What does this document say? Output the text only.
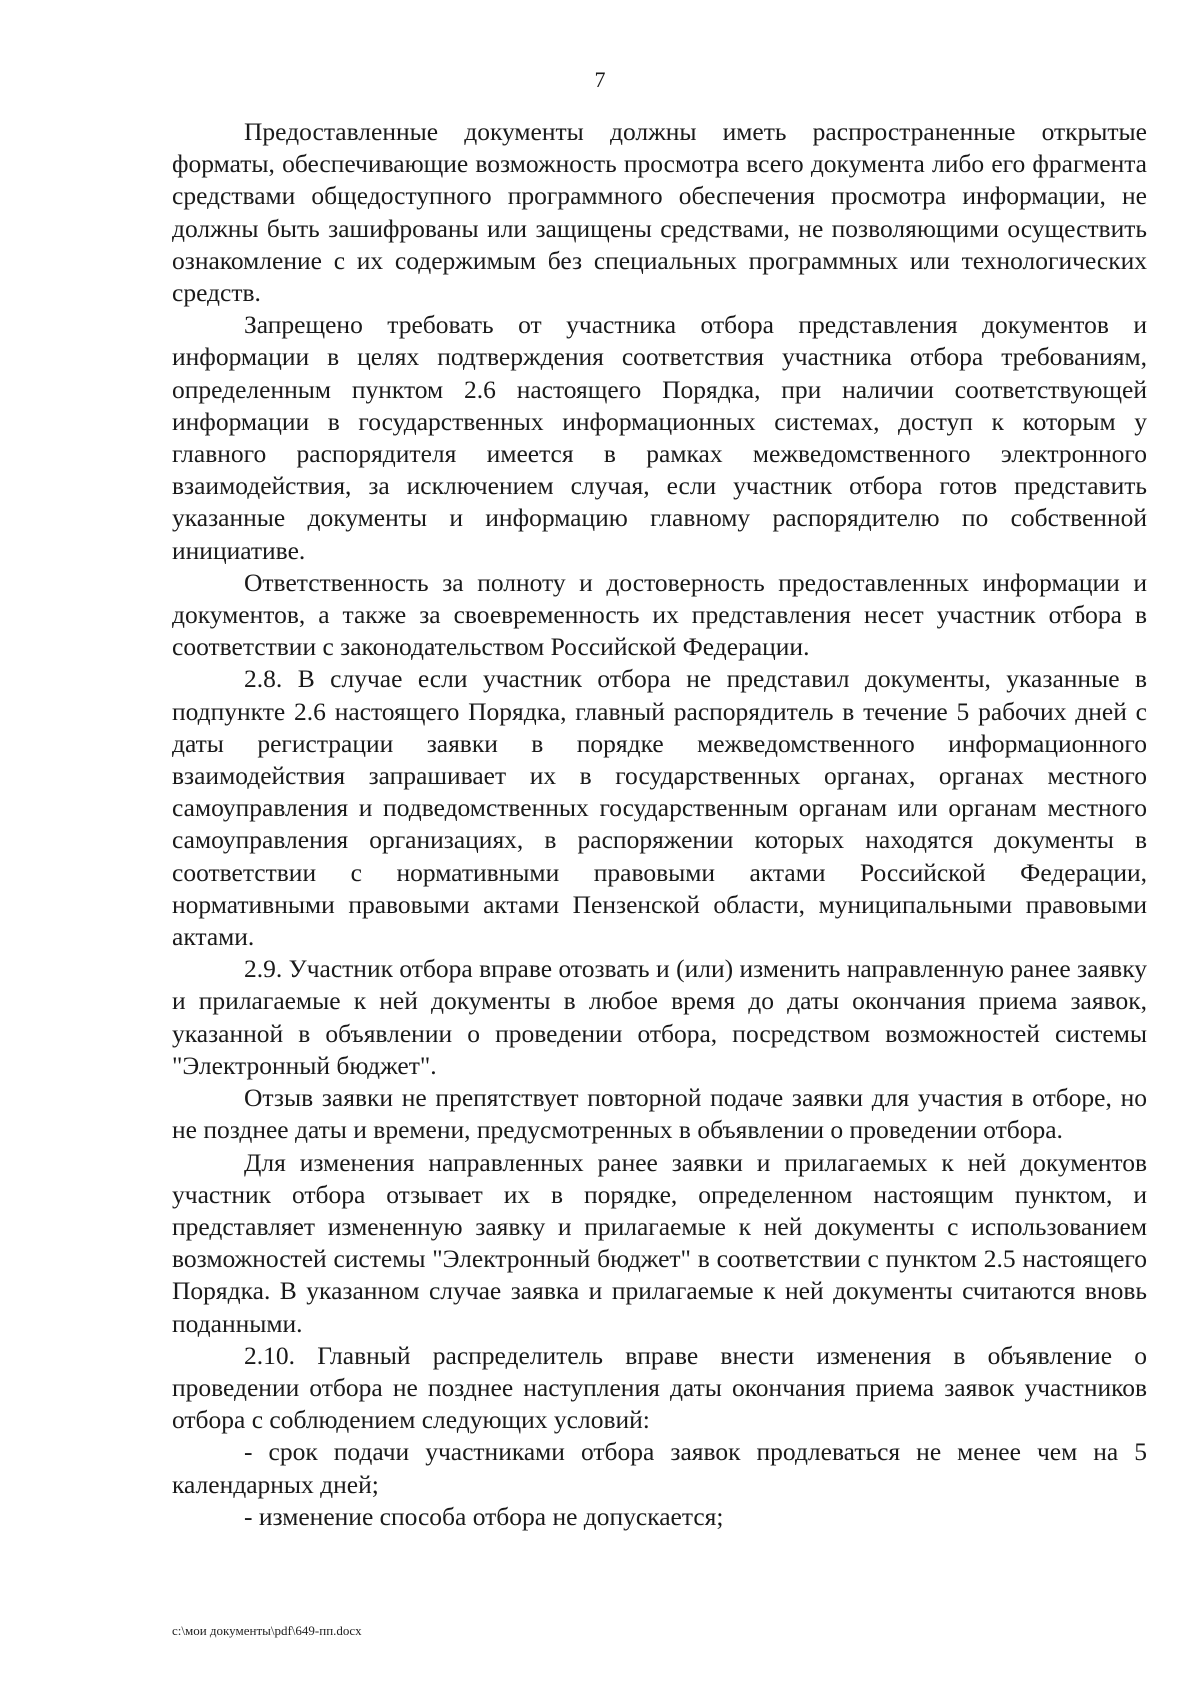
7

Предоставленные документы должны иметь распространенные открытые форматы, обеспечивающие возможность просмотра всего документа либо его фрагмента средствами общедоступного программного обеспечения просмотра информации, не должны быть зашифрованы или защищены средствами, не позволяющими осуществить ознакомление с их содержимым без специальных программных или технологических средств.

Запрещено требовать от участника отбора представления документов и информации в целях подтверждения соответствия участника отбора требованиям, определенным пунктом 2.6 настоящего Порядка, при наличии соответствующей информации в государственных информационных системах, доступ к которым у главного распорядителя имеется в рамках межведомственного электронного взаимодействия, за исключением случая, если участник отбора готов представить указанные документы и информацию главному распорядителю по собственной инициативе.

Ответственность за полноту и достоверность предоставленных информации и документов, а также за своевременность их представления несет участник отбора в соответствии с законодательством Российской Федерации.

2.8. В случае если участник отбора не представил документы, указанные в подпункте 2.6 настоящего Порядка, главный распорядитель в течение 5 рабочих дней с даты регистрации заявки в порядке межведомственного информационного взаимодействия запрашивает их в государственных органах, органах местного самоуправления и подведомственных государственным органам или органам местного самоуправления организациях, в распоряжении которых находятся документы в соответствии с нормативными правовыми актами Российской Федерации, нормативными правовыми актами Пензенской области, муниципальными правовыми актами.

2.9. Участник отбора вправе отозвать и (или) изменить направленную ранее заявку и прилагаемые к ней документы в любое время до даты окончания приема заявок, указанной в объявлении о проведении отбора, посредством возможностей системы "Электронный бюджет".

Отзыв заявки не препятствует повторной подаче заявки для участия в отборе, но не позднее даты и времени, предусмотренных в объявлении о проведении отбора.

Для изменения направленных ранее заявки и прилагаемых к ней документов участник отбора отзывает их в порядке, определенном настоящим пунктом, и представляет измененную заявку и прилагаемые к ней документы с использованием возможностей системы "Электронный бюджет" в соответствии с пунктом 2.5 настоящего Порядка. В указанном случае заявка и прилагаемые к ней документы считаются вновь поданными.

2.10. Главный распределитель вправе внести изменения в объявление о проведении отбора не позднее наступления даты окончания приема заявок участников отбора с соблюдением следующих условий:

- срок подачи участниками отбора заявок продлеваться не менее чем на 5 календарных дней;

- изменение способа отбора не допускается;

c:\мои документы\pdf\649-пп.docx
